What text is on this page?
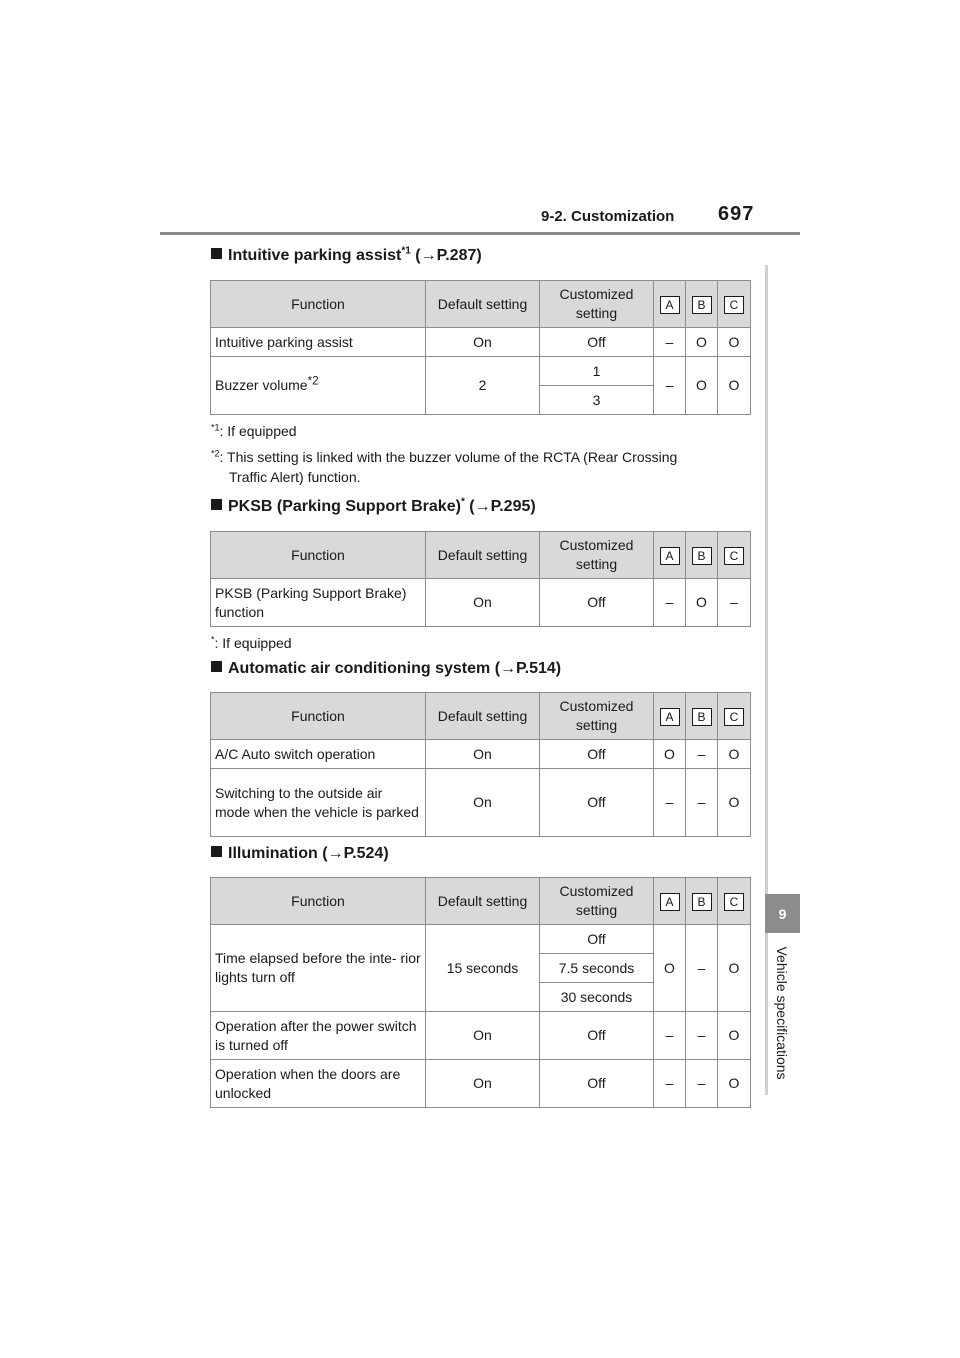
9-2. Customization 697
9
Vehicle specifications
Intuitive parking assist$^{*1}$ (→P.287)
Function	Default setting	Customized setting	A	B	C
Intuitive parking assist	On	Off	–	O	O
Buzzer volume$^{*2}$	2	1	–	O	O
		3			
$^{*1}$: If equipped
$^{*2}$: This setting is linked with the buzzer volume of the RCTA (Rear Crossing
Traffic Alert) function.
PKSB (Parking Support Brake)* (→P.295)
Function	Default setting	Customized setting	A	B	C
PKSB (Parking Support Brake) function	On	Off	–	O	–
*: If equipped
Automatic air conditioning system (→P.514)
Function	Default setting	Customized setting	A	B	C
A/C Auto switch operation	On	Off	O	–	O
Switching to the outside air mode when the vehicle is parked	On	Off	–	–	O
Illumination (→P.524)
Function	Default setting	Customized setting	A	B	C
Time elapsed before the inte- rior lights turn off	15 seconds	Off	O	–	O
		7.5 seconds			
		30 seconds			
Operation after the power switch is turned off	On	Off	–	–	O
Operation when the doors are unlocked	On	Off	–	–	O
